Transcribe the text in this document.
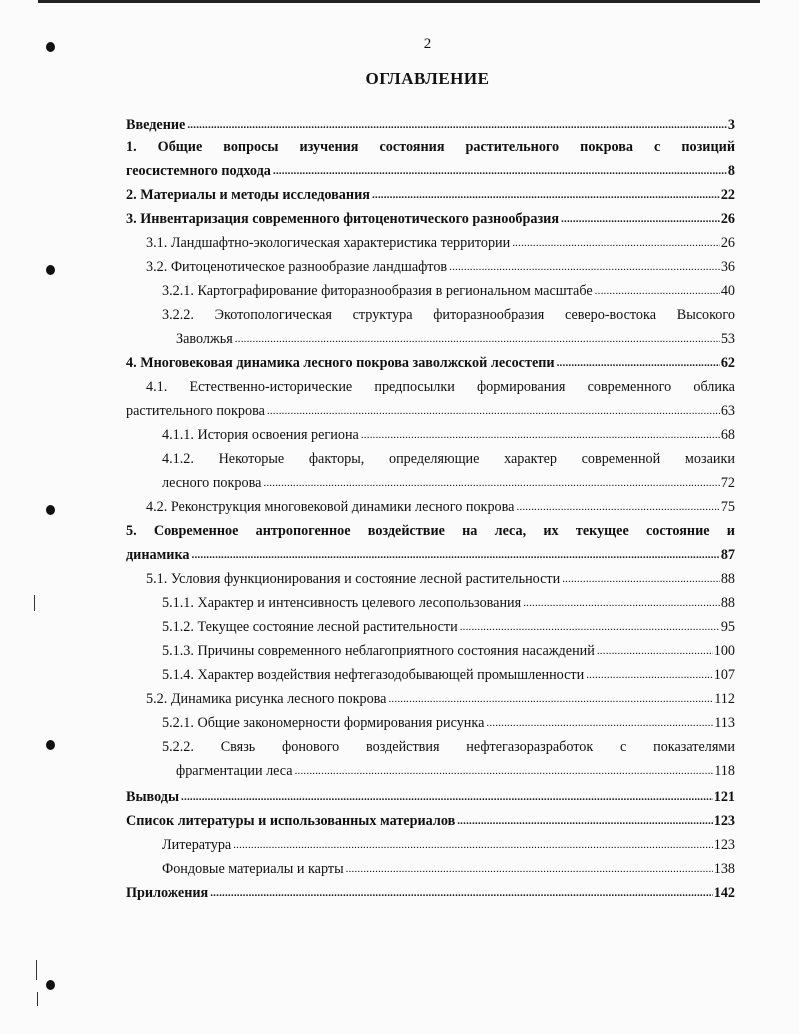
2
ОГЛАВЛЕНИЕ
Введение .....	3
1. Общие вопросы изучения состояния растительного покрова с позиций
геосистемного подхода .....	8
2. Материалы и методы исследования .....	22
3. Инвентаризация современного фитоценотического разнообразия .....	26
3.1. Ландшафтно-экологическая характеристика территории .....	26
3.2. Фитоценотическое разнообразие ландшафтов .....	36
3.2.1. Картографирование фиторазнообразия в региональном масштабе .....	40
3.2.2. Экотопологическая структура фиторазнообразия северо-востока Высокого
Заволжья .....	53
4. Многовековая динамика лесного покрова заволжской лесостепи .....	62
4.1. Естественно-исторические предпосылки формирования современного облика
растительного покрова .....	63
4.1.1. История освоения региона .....	68
4.1.2. Некоторые факторы, определяющие характер современной мозаики
лесного покрова .....	72
4.2. Реконструкция многовековой динамики лесного покрова .....	75
5. Современное антропогенное воздействие на леса, их текущее состояние и
динамика .....	87
5.1. Условия функционирования и состояние лесной растительности .....	88
5.1.1. Характер и интенсивность целевого лесопользования .....	88
5.1.2. Текущее состояние лесной растительности .....	95
5.1.3. Причины современного неблагоприятного состояния насаждений .....	100
5.1.4. Характер воздействия нефтегазодобывающей промышленности .....	107
5.2. Динамика рисунка лесного покрова .....	112
5.2.1. Общие закономерности формирования рисунка .....	113
5.2.2. Связь фонового воздействия нефтегазоразработок с показателями
фрагментации леса .....	118
Выводы .....	121
Список литературы и использованных материалов .....	123
Литература .....	123
Фондовые материалы и карты .....	138
Приложения .....	142
